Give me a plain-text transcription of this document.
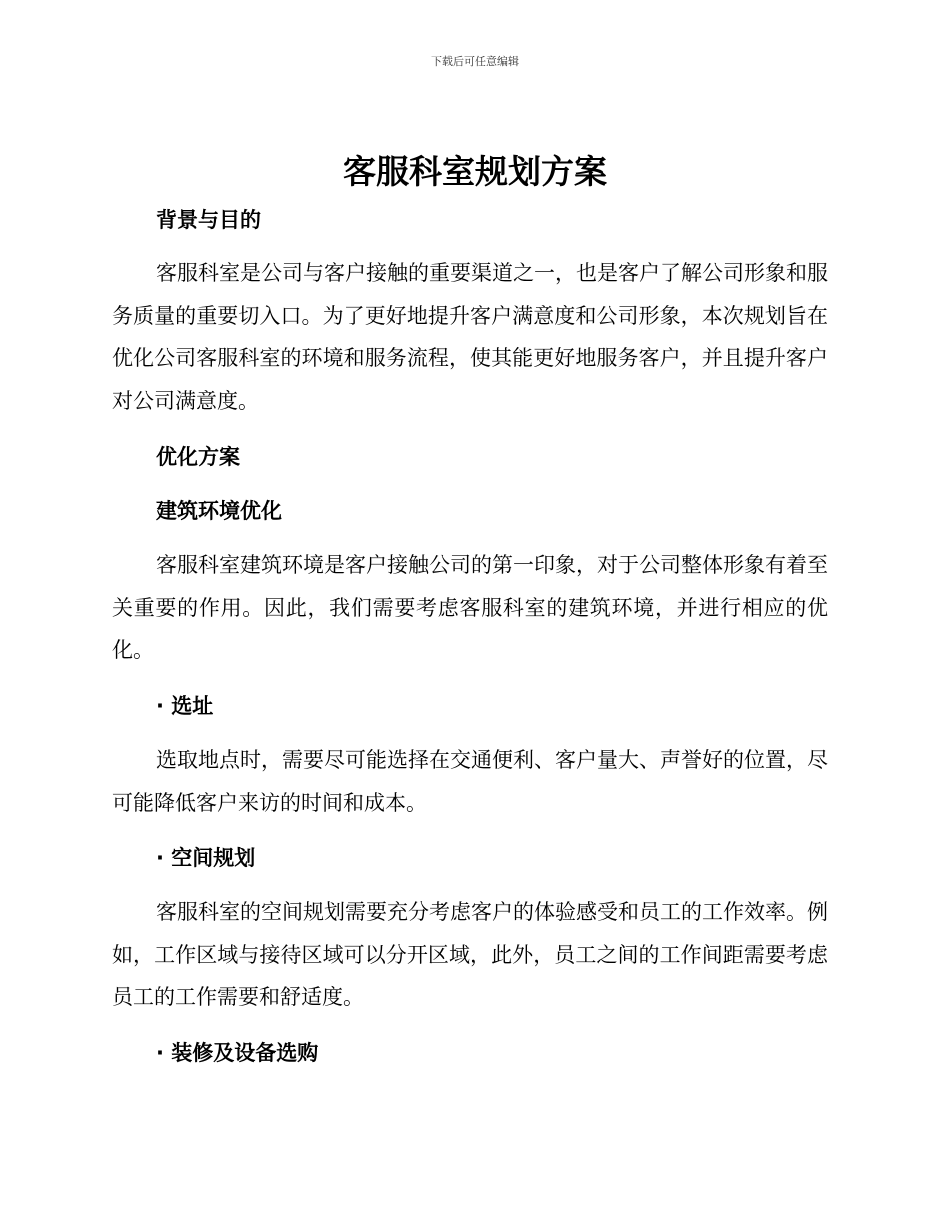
下载后可任意编辑
客服科室规划方案
背景与目的

客服科室是公司与客户接触的重要渠道之一，也是客户了解公司形象和服务质量的重要切入口。为了更好地提升客户满意度和公司形象，本次规划旨在优化公司客服科室的环境和服务流程，使其能更好地服务客户，并且提升客户对公司满意度。

优化方案
建筑环境优化

客服科室建筑环境是客户接触公司的第一印象，对于公司整体形象有着至关重要的作用。因此，我们需要考虑客服科室的建筑环境，并进行相应的优化。

· 选址

选取地点时，需要尽可能选择在交通便利、客户量大、声誉好的位置，尽可能降低客户来访的时间和成本。

· 空间规划

客服科室的空间规划需要充分考虑客户的体验感受和员工的工作效率。例如，工作区域与接待区域可以分开区域，此外，员工之间的工作间距需要考虑员工的工作需要和舒适度。

· 装修及设备选购
